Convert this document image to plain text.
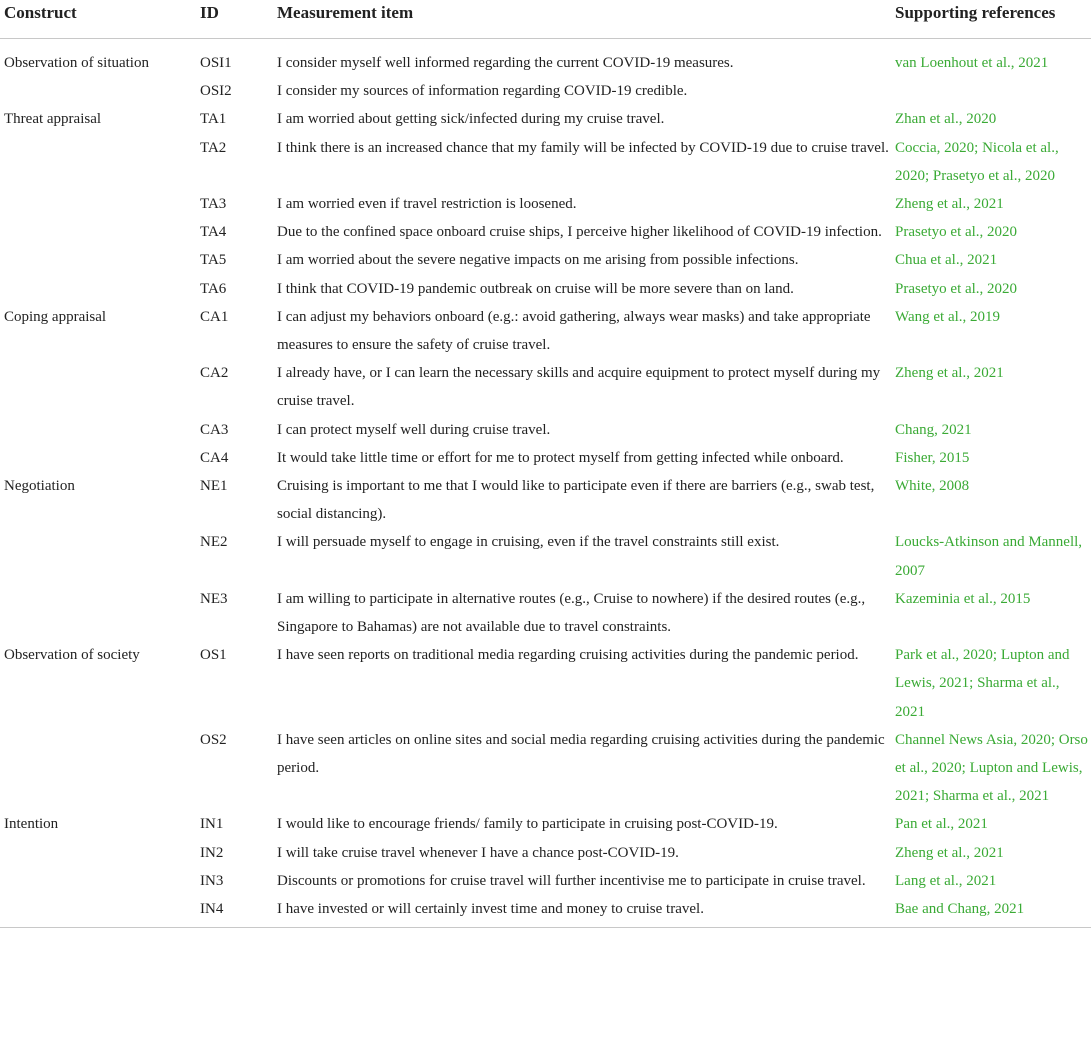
Construct	ID	Measurement item	Supporting references
Observation of situation	OSI1	I consider myself well informed regarding the current COVID-19 measures.	van Loenhout et al., 2021
	OSI2	I consider my sources of information regarding COVID-19 credible.	
Threat appraisal	TA1	I am worried about getting sick/infected during my cruise travel.	Zhan et al., 2020
	TA2	I think there is an increased chance that my family will be infected by COVID-19 due to cruise travel.	Coccia, 2020; Nicola et al., 2020; Prasetyo et al., 2020
	TA3	I am worried even if travel restriction is loosened.	Zheng et al., 2021
	TA4	Due to the confined space onboard cruise ships, I perceive higher likelihood of COVID-19 infection.	Prasetyo et al., 2020
	TA5	I am worried about the severe negative impacts on me arising from possible infections.	Chua et al., 2021
	TA6	I think that COVID-19 pandemic outbreak on cruise will be more severe than on land.	Prasetyo et al., 2020
Coping appraisal	CA1	I can adjust my behaviors onboard (e.g.: avoid gathering, always wear masks) and take appropriate measures to ensure the safety of cruise travel.	Wang et al., 2019
	CA2	I already have, or I can learn the necessary skills and acquire equipment to protect myself during my cruise travel.	Zheng et al., 2021
	CA3	I can protect myself well during cruise travel.	Chang, 2021
	CA4	It would take little time or effort for me to protect myself from getting infected while onboard.	Fisher, 2015
Negotiation	NE1	Cruising is important to me that I would like to participate even if there are barriers (e.g., swab test, social distancing).	White, 2008
	NE2	I will persuade myself to engage in cruising, even if the travel constraints still exist.	Loucks-Atkinson and Mannell, 2007
	NE3	I am willing to participate in alternative routes (e.g., Cruise to nowhere) if the desired routes (e.g., Singapore to Bahamas) are not available due to travel constraints.	Kazeminia et al., 2015
Observation of society	OS1	I have seen reports on traditional media regarding cruising activities during the pandemic period.	Park et al., 2020; Lupton and Lewis, 2021; Sharma et al., 2021
	OS2	I have seen articles on online sites and social media regarding cruising activities during the pandemic period.	Channel News Asia, 2020; Orso et al., 2020; Lupton and Lewis, 2021; Sharma et al., 2021
Intention	IN1	I would like to encourage friends/ family to participate in cruising post-COVID-19.	Pan et al., 2021
	IN2	I will take cruise travel whenever I have a chance post-COVID-19.	Zheng et al., 2021
	IN3	Discounts or promotions for cruise travel will further incentivise me to participate in cruise travel.	Lang et al., 2021
	IN4	I have invested or will certainly invest time and money to cruise travel.	Bae and Chang, 2021
